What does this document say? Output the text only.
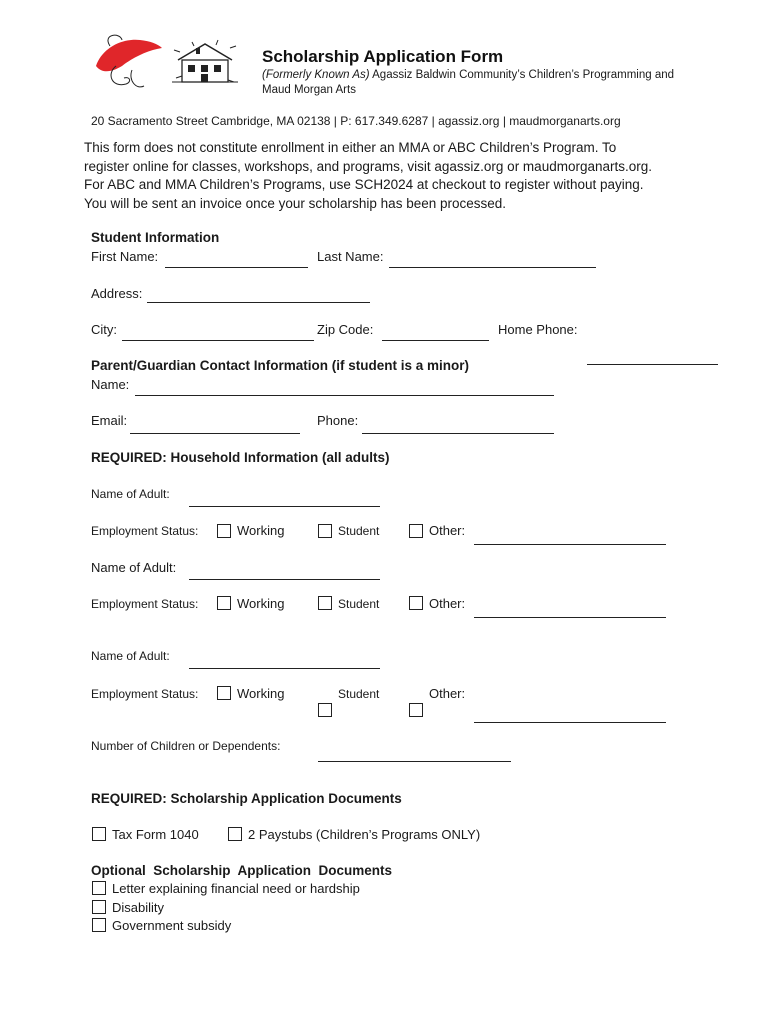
Scholarship Application Form
(Formerly Known As) Agassiz Baldwin Community’s Children’s Programming and
Maud Morgan Arts
20 Sacramento Street Cambridge, MA 02138 | P: 617.349.6287 | agassiz.org | maudmorganarts.org
This form does not constitute enrollment in either an MMA or ABC Children’s Program. To
register online for classes, workshops, and programs, visit agassiz.org or maudmorganarts.org.
For ABC and MMA Children’s Programs, use SCH2024 at checkout to register without paying.
You will be sent an invoice once your scholarship has been processed.
Student Information
First Name:	Last Name:
Address:
City:	Zip Code:	Home Phone:
Parent/Guardian Contact Information (if student is a minor)
Name:
Email:	Phone:
REQUIRED: Household Information (all adults)
Name of Adult:
Employment Status:	Working	Student	Other:
Name of Adult:
Employment Status:	Working	Student	Other:
Name of Adult:
Employment Status:	Working	Student	Other:
Number of Children or Dependents:
REQUIRED: Scholarship Application Documents
Tax Form 1040	2 Paystubs (Children’s Programs ONLY)
Optional  Scholarship  Application  Documents
Letter explaining financial need or hardship
Disability
Government subsidy
